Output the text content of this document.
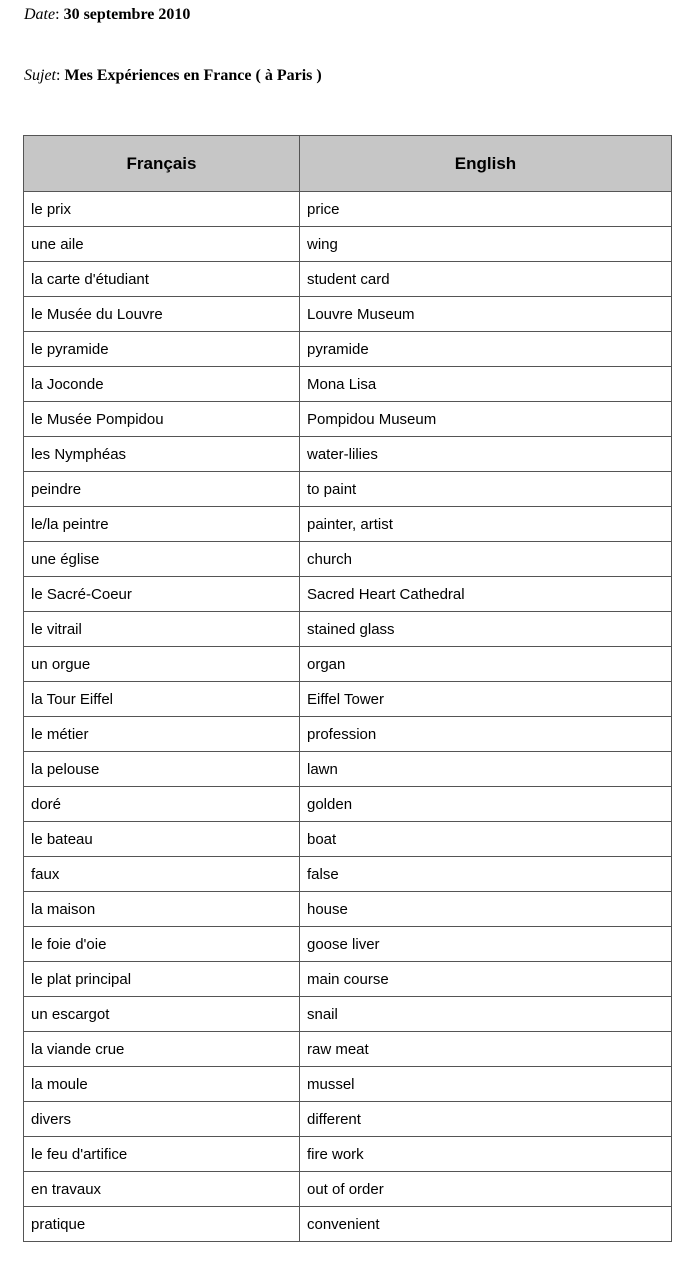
Date: 30 septembre 2010
Sujet: Mes Expériences en France ( à Paris )
Français	English
le prix	price
une aile	wing
la carte d'étudiant	student card
le Musée du Louvre	Louvre Museum
le pyramide	pyramide
la Joconde	Mona Lisa
le Musée Pompidou	Pompidou Museum
les Nymphéas	water-lilies
peindre	to paint
le/la peintre	painter, artist
une église	church
le Sacré-Coeur	Sacred Heart Cathedral
le vitrail	stained glass
un orgue	organ
la Tour Eiffel	Eiffel Tower
le métier	profession
la pelouse	lawn
doré	golden
le bateau	boat
faux	false
la maison	house
le foie d'oie	goose liver
le plat principal	main course
un escargot	snail
la viande crue	raw meat
la moule	mussel
divers	different
le feu d'artifice	fire work
en travaux	out of order
pratique	convenient
